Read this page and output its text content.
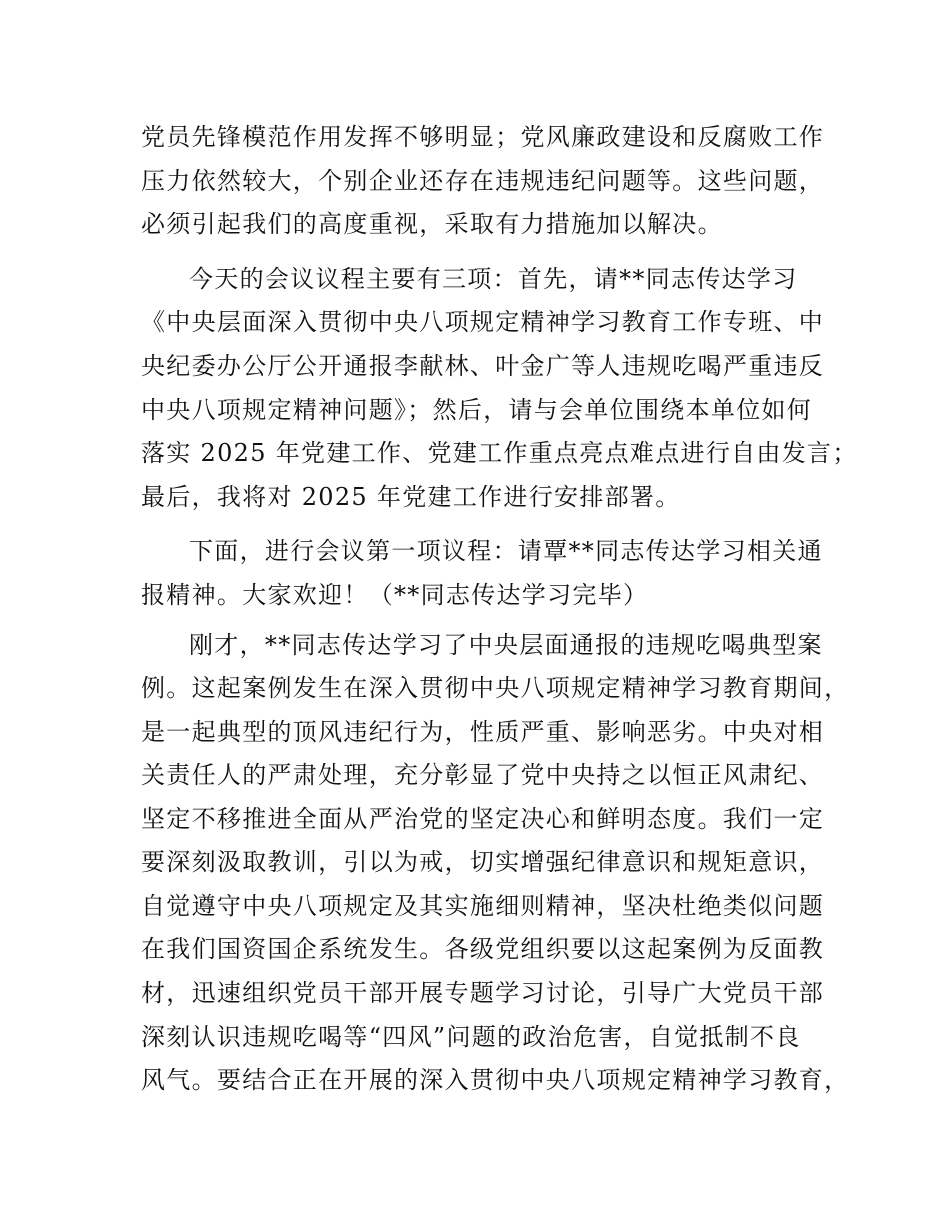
党员先锋模范作用发挥不够明显；党风廉政建设和反腐败工作
压力依然较大，个别企业还存在违规违纪问题等。这些问题，
必须引起我们的高度重视，采取有力措施加以解决。
今天的会议议程主要有三项：首先，请**同志传达学习
《中央层面深入贯彻中央八项规定精神学习教育工作专班、中
央纪委办公厅公开通报李献林、叶金广等人违规吃喝严重违反
中央八项规定精神问题》；然后，请与会单位围绕本单位如何
落实 2025 年党建工作、党建工作重点亮点难点进行自由发言；
最后，我将对 2025 年党建工作进行安排部署。
下面，进行会议第一项议程：请覃**同志传达学习相关通
报精神。大家欢迎！（**同志传达学习完毕）
刚才，**同志传达学习了中央层面通报的违规吃喝典型案
例。这起案例发生在深入贯彻中央八项规定精神学习教育期间，
是一起典型的顶风违纪行为，性质严重、影响恶劣。中央对相
关责任人的严肃处理，充分彰显了党中央持之以恒正风肃纪、
坚定不移推进全面从严治党的坚定决心和鲜明态度。我们一定
要深刻汲取教训，引以为戒，切实增强纪律意识和规矩意识，
自觉遵守中央八项规定及其实施细则精神，坚决杜绝类似问题
在我们国资国企系统发生。各级党组织要以这起案例为反面教
材，迅速组织党员干部开展专题学习讨论，引导广大党员干部
深刻认识违规吃喝等“四风”问题的政治危害，自觉抵制不良
风气。要结合正在开展的深入贯彻中央八项规定精神学习教育，
